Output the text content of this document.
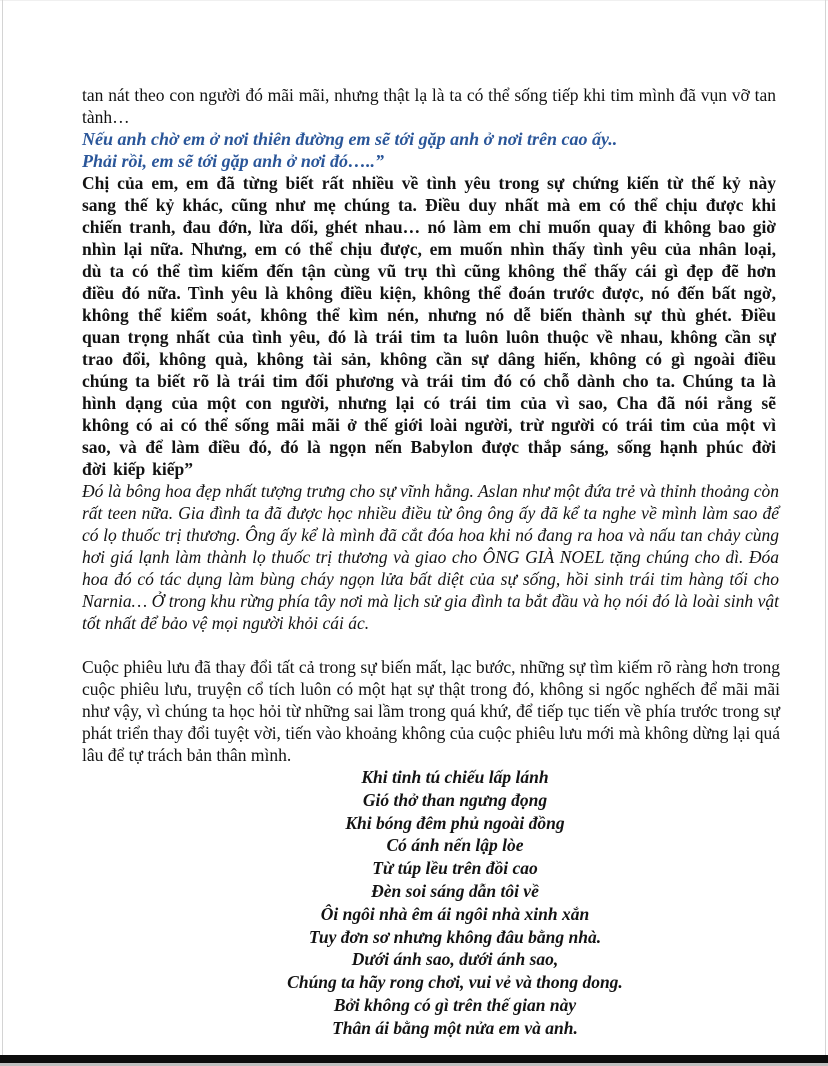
tan nát theo con người đó mãi mãi, nhưng thật lạ là ta có thể sống tiếp khi tim mình đã vụn vỡ tan tành…

Nếu anh chờ em ở nơi thiên đường em sẽ tới gặp anh ở nơi trên cao ấy..

Phải rồi, em sẽ tới gặp anh ở nơi đó…..”

Chị của em, em đã từng biết rất nhiều về tình yêu trong sự chứng kiến từ thế kỷ này sang thế kỷ khác, cũng như mẹ chúng ta. Điều duy nhất mà em có thể chịu được khi chiến tranh, đau đớn, lừa dối, ghét nhau… nó làm em chỉ muốn quay đi không bao giờ nhìn lại nữa. Nhưng, em có thể chịu được, em muốn nhìn thấy tình yêu của nhân loại, dù ta có thể tìm kiếm đến tận cùng vũ trụ thì cũng không thể thấy cái gì đẹp đẽ hơn điều đó nữa. Tình yêu là không điều kiện, không thể đoán trước được, nó đến bất ngờ, không thể kiểm soát, không thể kìm nén, nhưng nó dễ biến thành sự thù ghét. Điều quan trọng nhất của tình yêu, đó là trái tim ta luôn luôn thuộc về nhau, không cần sự trao đổi, không quà, không tài sản, không cần sự dâng hiến, không có gì ngoài điều chúng ta biết rõ là trái tim đối phương và trái tim đó có chỗ dành cho ta. Chúng ta là hình dạng của một con người, nhưng lại có trái tim của vì sao, Cha đã nói rằng sẽ không có ai có thể sống mãi mãi ở thế giới loài người, trừ người có trái tim của một vì sao, và để làm điều đó, đó là ngọn nến Babylon được thắp sáng, sống hạnh phúc đời đời kiếp kiếp”

Đó là bông hoa đẹp nhất tượng trưng cho sự vĩnh hằng. Aslan như một đứa trẻ và thỉnh thoảng còn rất teen nữa. Gia đình ta đã được học nhiều điều từ ông ông ấy đã kể ta nghe về mình làm sao để có lọ thuốc trị thương. Ông ấy kể là mình đã cắt đóa hoa khi nó đang ra hoa và nấu tan chảy cùng hơi giá lạnh làm thành lọ thuốc trị thương và giao cho ÔNG GIÀ NOEL tặng chúng cho dì. Đóa hoa đó có tác dụng làm bùng cháy ngọn lửa bất diệt của sự sống, hồi sinh trái tim hàng tối cho Narnia… Ở trong khu rừng phía tây nơi mà lịch sử gia đình ta bắt đầu và họ nói đó là loài sinh vật tốt nhất để bảo vệ mọi người khỏi cái ác.

Cuộc phiêu lưu đã thay đổi tất cả trong sự biến mất, lạc bước, những sự tìm kiếm rõ ràng hơn trong cuộc phiêu lưu, truyện cổ tích luôn có một hạt sự thật trong đó, không si ngốc nghếch để mãi mãi như vậy, vì chúng ta học hỏi từ những sai lầm trong quá khứ, để tiếp tục tiến về phía trước trong sự phát triển thay đổi tuyệt vời, tiến vào khoảng không của cuộc phiêu lưu mới mà không dừng lại quá lâu để tự trách bản thân mình.

Khi tinh tú chiếu lấp lánh

Gió thở than ngưng đọng

Khi bóng đêm phủ ngoài đồng

Có ánh nến lập lòe

Từ túp lều trên đồi cao

Đèn soi sáng dẫn tôi về

Ôi ngôi nhà êm ái ngôi nhà xinh xắn

Tuy đơn sơ nhưng không đâu bằng nhà.

Dưới ánh sao, dưới ánh sao,

Chúng ta hãy rong chơi, vui vẻ và thong dong.

Bởi không có gì trên thế gian này

Thân ái bằng một nửa em và anh.
